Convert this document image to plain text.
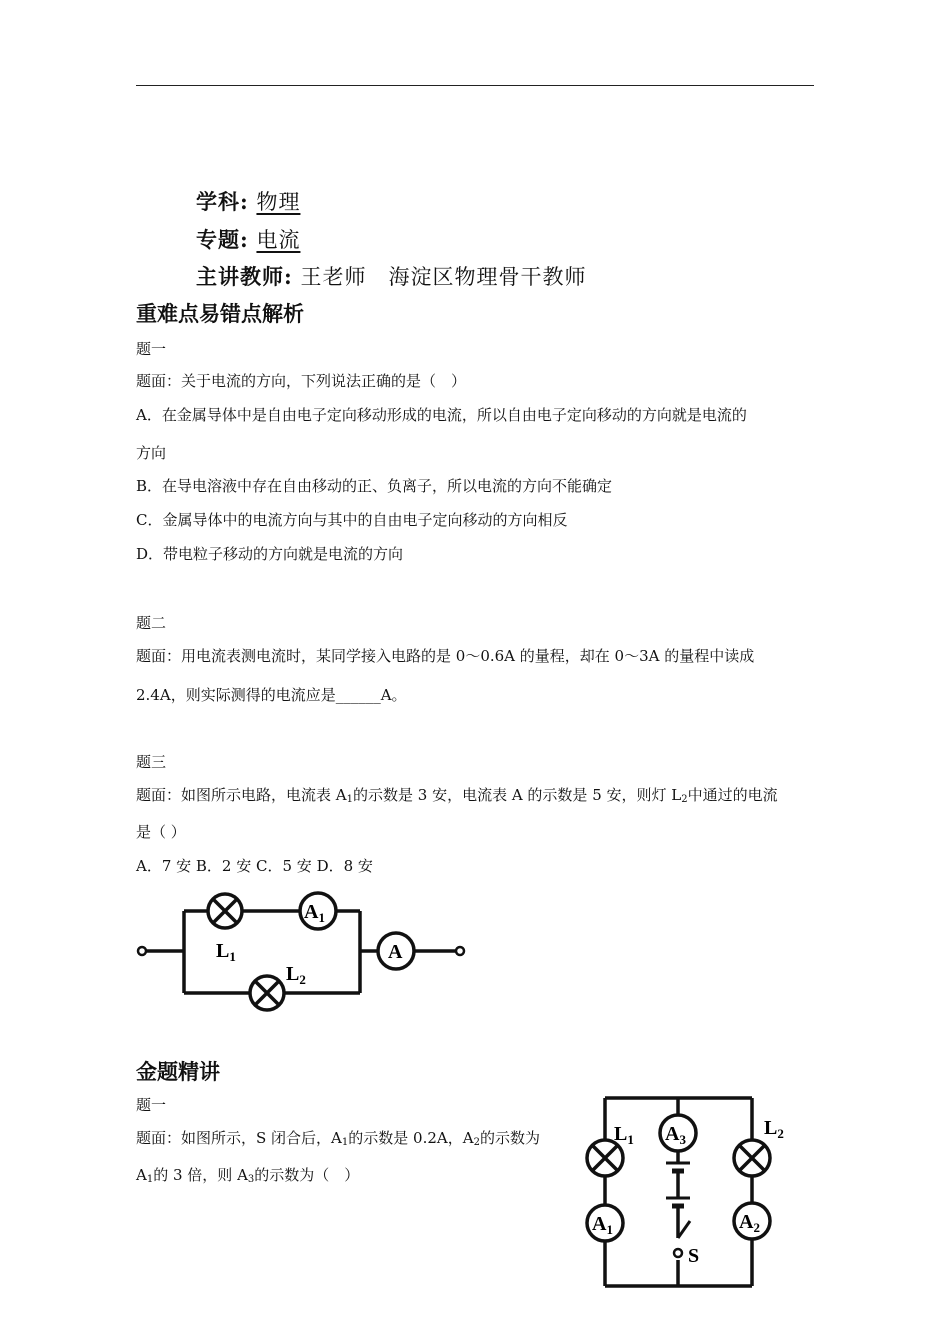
学科: 物理
专题: 电流
主讲教师: 王老师　海淀区物理骨干教师
重难点易错点解析
题一
题面：关于电流的方向，下列说法正确的是（　）
A．在金属导体中是自由电子定向移动形成的电流，所以自由电子定向移动的方向就是电流的
方向
B．在导电溶液中存在自由移动的正、负离子，所以电流的方向不能确定
C．金属导体中的电流方向与其中的自由电子定向移动的方向相反
D．带电粒子移动的方向就是电流的方向
题二
题面：用电流表测电流时，某同学接入电路的是 0～0.6A 的量程，却在 0～3A 的量程中读成
2.4A，则实际测得的电流应是______A。
题三
题面：如图所示电路，电流表 $A_1$的示数是 3 安，电流表 A 的示数是 5 安，则灯 $L_2$中通过的电流
是（ ）
A．7 安 B．2 安 C．5 安 D．8 安
$A_1$
A
$L_1$
$L_2$
金题精讲
题一
题面：如图所示，S 闭合后，$A_1$的示数是 0.2A，$A_2$的示数为
$A_1$的 3 倍，则 $A_3$的示数为（　）
S
$A_3$
$L_1$
$A_1$
$L_2$
$A_2$
